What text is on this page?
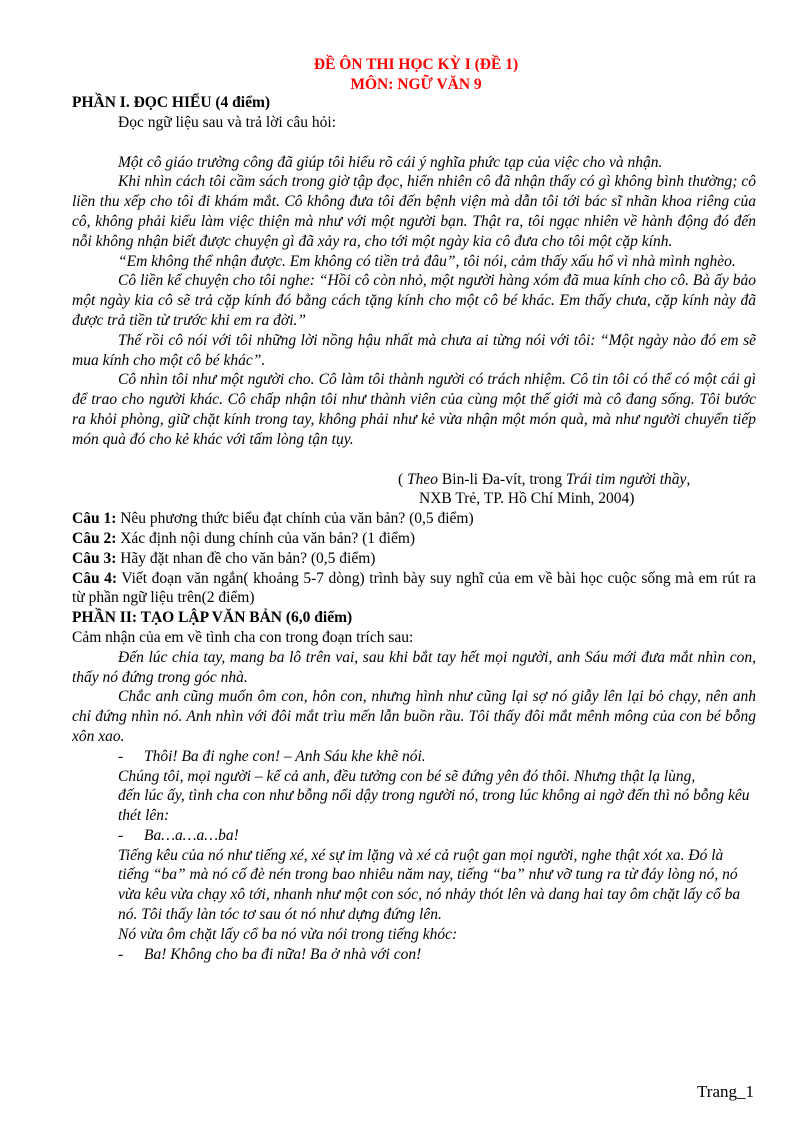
ĐỀ ÔN THI HỌC KỲ I (ĐỀ 1)
MÔN: NGỮ VĂN 9

PHẦN I. ĐỌC HIỂU (4 điểm)

Đọc ngữ liệu sau và trả lời câu hỏi:

Một cô giáo trường công đã giúp tôi hiểu rõ cái ý nghĩa phức tạp của việc cho và nhận.

Khi nhìn cách tôi cầm sách trong giờ tập đọc, hiển nhiên cô đã nhận thấy có gì không bình thường; cô liền thu xếp cho tôi đi khám mắt. Cô không đưa tôi đến bệnh viện mà dẫn tôi tới bác sĩ nhãn khoa riêng của cô, không phải kiểu làm việc thiện mà như với một người bạn. Thật ra, tôi ngạc nhiên về hành động đó đến nỗi không nhận biết được chuyện gì đã xảy ra, cho tới một ngày kia cô đưa cho tôi một cặp kính.

“Em không thể nhận được. Em không có tiền trả đâu”, tôi nói, cảm thấy xấu hổ vì nhà mình nghèo.

Cô liền kể chuyện cho tôi nghe: “Hồi cô còn nhỏ, một người hàng xóm đã mua kính cho cô. Bà ấy bảo một ngày kia cô sẽ trả cặp kính đó bằng cách tặng kính cho một cô bé khác. Em thấy chưa, cặp kính này đã được trả tiền từ trước khi em ra đời.”

Thế rồi cô nói với tôi những lời nồng hậu nhất mà chưa ai từng nói với tôi: “Một ngày nào đó em sẽ mua kính cho một cô bé khác”.

Cô nhìn tôi như một người cho. Cô làm tôi thành người có trách nhiệm. Cô tin tôi có thể có một cái gì để trao cho người khác. Cô chấp nhận tôi như thành viên của cùng một thế giới mà cô đang sống. Tôi bước ra khỏi phòng, giữ chặt kính trong tay, không phải như kẻ vừa nhận một món quà, mà như người chuyển tiếp món quà đó cho kẻ khác với tấm lòng tận tụy.

( Theo Bin-li Đa-vít, trong Trái tim người thầy,

NXB Trẻ, TP. Hồ Chí Minh, 2004)

Câu 1: Nêu phương thức biểu đạt chính của văn bản? (0,5 điểm)

Câu 2: Xác định nội dung chính của văn bản? (1 điểm)

Câu 3: Hãy đặt nhan đề cho văn bản? (0,5 điểm)

Câu 4: Viết đoạn văn ngắn( khoảng 5-7 dòng) trình bày suy nghĩ của em về bài học cuộc sống mà em rút ra từ phần ngữ liệu trên(2 điểm)

PHẦN II: TẠO LẬP VĂN BẢN (6,0 điểm)

Cảm nhận của em về tình cha con trong đoạn trích sau:

Đến lúc chia tay, mang ba lô trên vai, sau khi bắt tay hết mọi người, anh Sáu mới đưa mắt nhìn con, thấy nó đứng trong góc nhà.

Chắc anh cũng muốn ôm con, hôn con, nhưng hình như cũng lại sợ nó giẫy lên lại bỏ chạy, nên anh chỉ đứng nhìn nó. Anh nhìn với đôi mắt trìu mến lẫn buồn rầu. Tôi thấy đôi mắt mênh mông của con bé bỗng xôn xao.

- Thôi! Ba đi nghe con! – Anh Sáu khe khẽ nói.

Chúng tôi, mọi người – kể cả anh, đều tưởng con bé sẽ đứng yên đó thôi. Nhưng thật lạ lùng,

đến lúc ấy, tình cha con như bỗng nổi dậy trong người nó, trong lúc không ai ngờ đến thì nó bỗng kêu thét lên:

- Ba…a…a…ba!

Tiếng kêu của nó như tiếng xé, xé sự im lặng và xé cả ruột gan mọi người, nghe thật xót xa. Đó là tiếng “ba” mà nó cố đè nén trong bao nhiêu năm nay, tiếng “ba” như vỡ tung ra từ đáy lòng nó, nó vừa kêu vừa chạy xô tới, nhanh như một con sóc, nó nhảy thót lên và dang hai tay ôm chặt lấy cổ ba nó. Tôi thấy làn tóc tơ sau ót nó như dựng đứng lên.

Nó vừa ôm chặt lấy cổ ba nó vừa nói trong tiếng khóc:

- Ba! Không cho ba đi nữa! Ba ở nhà với con!

Trang_1
